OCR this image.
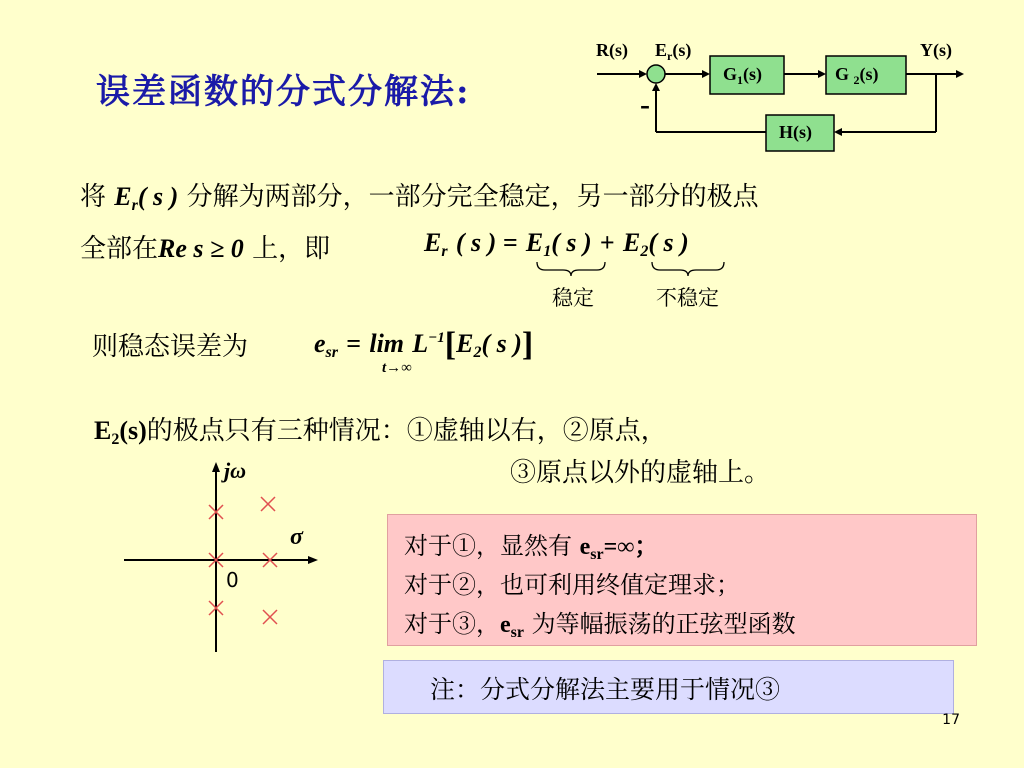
误差函数的分式分解法:
R(s) $E_r(s)$	Y(s)
$G_1(s)$	G $_2$(s)
H(s)
-
将 $E_r$( s ) 分解为两部分，一部分完全稳定，另一部分的极点
全部在Re s ≥ 0 上，即	$E_r$ ( s ) = $E_1$( s ) + $E_2$( s )
稳定	不稳定
则稳态误差为	$e_{sr} = \lim L^{-1}[E_2$( s )]
t→∞
$E_2(s)$的极点只有三种情况：①虚轴以右，②原点，
③原点以外的虚轴上。
jω
σ
0
对于①，显然有 $e_{sr}=\infty$；
对于②，也可利用终值定理求；
对于③，$e_{sr}$ 为等幅振荡的正弦型函数
注：分式分解法主要用于情况③
17
